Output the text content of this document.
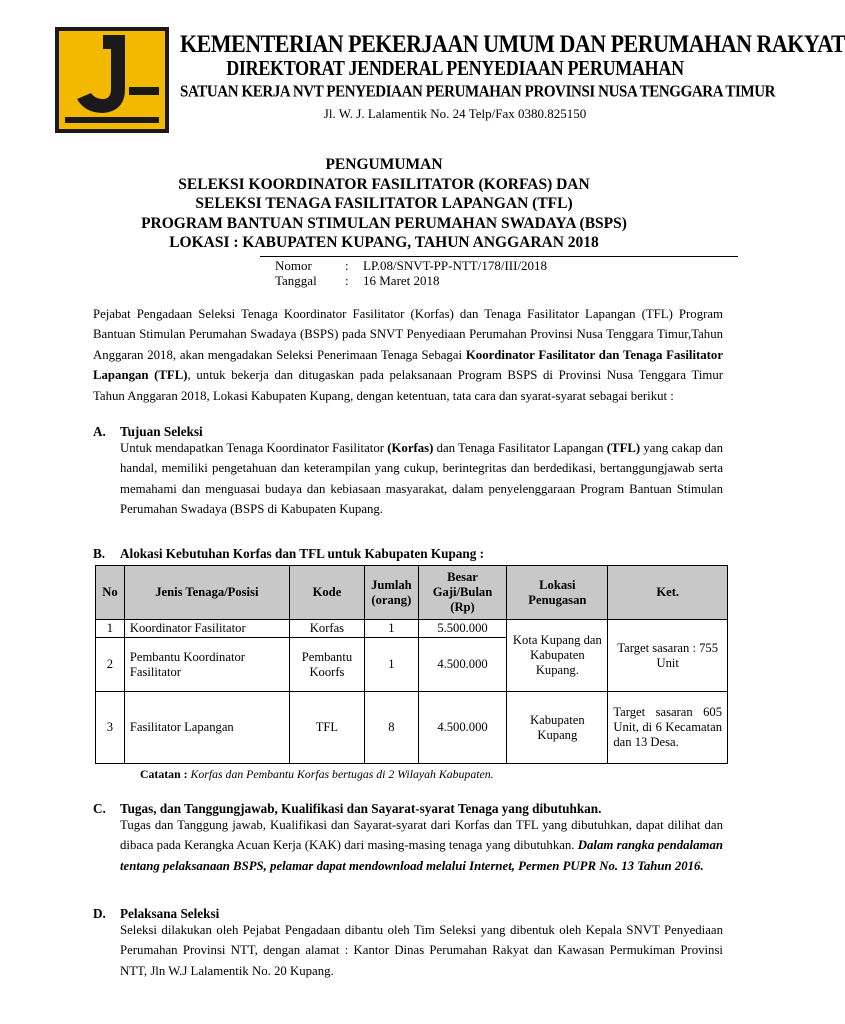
KEMENTERIAN PEKERJAAN UMUM DAN PERUMAHAN RAKYAT
DIREKTORAT JENDERAL PENYEDIAAN PERUMAHAN
SATUAN KERJA NVT PENYEDIAAN PERUMAHAN PROVINSI NUSA TENGGARA TIMUR
Jl. W. J. Lalamentik No. 24 Telp/Fax 0380.825150
PENGUMUMAN
SELEKSI KOORDINATOR FASILITATOR (KORFAS) DAN
SELEKSI TENAGA FASILITATOR LAPANGAN (TFL)
PROGRAM BANTUAN STIMULAN PERUMAHAN SWADAYA (BSPS)
LOKASI : KABUPATEN KUPANG, TAHUN ANGGARAN 2018
Nomor	: LP.08/SNVT-PP-NTT/178/III/2018
Tanggal : 16 Maret 2018
Pejabat Pengadaan Seleksi Tenaga Koordinator Fasilitator (Korfas) dan Tenaga Fasilitator Lapangan (TFL) Program Bantuan Stimulan Perumahan Swadaya (BSPS) pada SNVT Penyediaan Perumahan Provinsi Nusa Tenggara Timur,Tahun Anggaran 2018, akan mengadakan Seleksi Penerimaan Tenaga Sebagai Koordinator Fasilitator dan Tenaga Fasilitator Lapangan (TFL), untuk bekerja dan ditugaskan pada pelaksanaan Program BSPS di Provinsi Nusa Tenggara Timur Tahun Anggaran 2018, Lokasi Kabupaten Kupang, dengan ketentuan, tata cara dan syarat-syarat sebagai berikut :
A. Tujuan Seleksi
Untuk mendapatkan Tenaga Koordinator Fasilitator (Korfas) dan Tenaga Fasilitator Lapangan (TFL) yang cakap dan handal, memiliki pengetahuan dan keterampilan yang cukup, berintegritas dan berdedikasi, bertanggungjawab serta memahami dan menguasai budaya dan kebiasaan masyarakat, dalam penyelenggaraan Program Bantuan Stimulan Perumahan Swadaya (BSPS di Kabupaten Kupang.
B. Alokasi Kebutuhan Korfas dan TFL untuk Kabupaten Kupang :
No	Jenis Tenaga/Posisi	Kode	Jumlah (orang)	Besar Gaji/Bulan (Rp)	Lokasi Penugasan	Ket.
1	Koordinator Fasilitator	Korfas	1	5.500.000	Kota Kupang dan Kabupaten Kupang.	Target sasaran : 755 Unit
2	Pembantu Koordinator Fasilitator	Pembantu Koorfs	1	4.500.000		
3	Fasilitator Lapangan	TFL	8	4.500.000	Kabupaten Kupang	Target sasaran 605 Unit, di 6 Kecamatan dan 13 Desa.
Catatan : Korfas dan Pembantu Korfas bertugas di 2 Wilayah Kabupaten.
C. Tugas, dan Tanggungjawab, Kualifikasi dan Sayarat-syarat Tenaga yang dibutuhkan.
Tugas dan Tanggung jawab, Kualifikasi dan Sayarat-syarat dari Korfas dan TFL yang dibutuhkan, dapat dilihat dan dibaca pada Kerangka Acuan Kerja (KAK) dari masing-masing tenaga yang dibutuhkan. Dalam rangka pendalaman tentang pelaksanaan BSPS, pelamar dapat mendownload melalui Internet, Permen PUPR No. 13 Tahun 2016.
D. Pelaksana Seleksi
Seleksi dilakukan oleh Pejabat Pengadaan dibantu oleh Tim Seleksi yang dibentuk oleh Kepala SNVT Penyediaan Perumahan Provinsi NTT, dengan alamat : Kantor Dinas Perumahan Rakyat dan Kawasan Permukiman Provinsi NTT, Jln W.J Lalamentik No. 20 Kupang.
